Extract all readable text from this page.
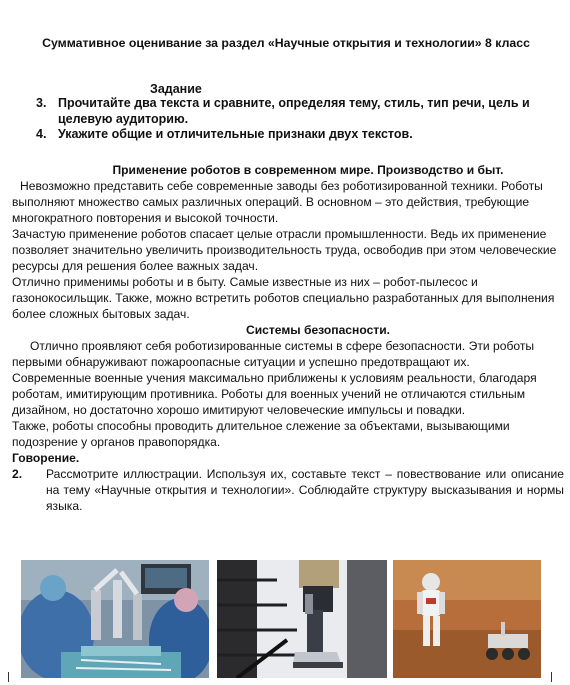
Суммативное оценивание за раздел «Научные открытия и технологии» 8 класс
Задание
3. Прочитайте два текста и сравните, определяя тему, стиль, тип речи, цель и целевую аудиторию.
4. Укажите общие и отличительные признаки двух текстов.

Применение роботов в современном мире. Производство и быт.

Невозможно представить себе современные заводы без роботизированной техники. Роботы выполняют множество самых различных операций. В основном – это действия, требующие многократного повторения и высокой точности.

Зачастую применение роботов спасает целые отрасли промышленности. Ведь их применение позволяет значительно увеличить производительность труда, освободив при этом человеческие ресурсы для решения более важных задач.

Отлично применимы роботы и в быту. Самые известные из них – робот-пылесос и газонокосильщик. Также, можно встретить роботов специально разработанных для выполнения более сложных бытовых задач.

Системы безопасности.

Отлично проявляют себя роботизированные системы в сфере безопасности. Эти роботы первыми обнаруживают пожароопасные ситуации и успешно предотвращают их.

Современные военные учения максимально приближены к условиям реальности, благодаря роботам, имитирующим противника. Роботы для военных учений не отличаются стильным дизайном, но достаточно хорошо имитируют человеческие импульсы и повадки.

Также, роботы способны проводить длительное слежение за объектами, вызывающими подозрение у органов правопорядка.

Говорение.

2. Рассмотрите иллюстрации. Используя их, составьте текст – повествование или описание на тему «Научные открытия и технологии». Соблюдайте структуру высказывания и нормы языка.
